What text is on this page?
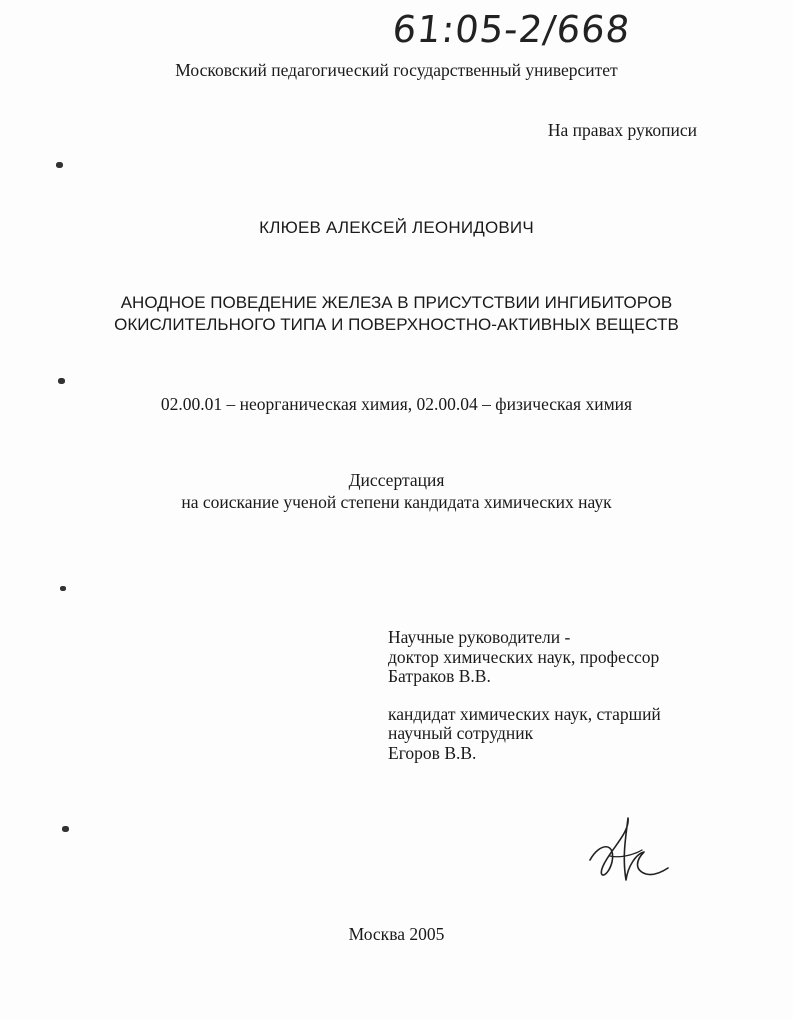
61:05-2/668
Московский педагогический государственный университет
На правах рукописи
КЛЮЕВ АЛЕКСЕЙ ЛЕОНИДОВИЧ
АНОДНОЕ ПОВЕДЕНИЕ ЖЕЛЕЗА В ПРИСУТСТВИИ ИНГИБИТОРОВ
ОКИСЛИТЕЛЬНОГО ТИПА И ПОВЕРХНОСТНО-АКТИВНЫХ ВЕЩЕСТВ
02.00.01 – неорганическая химия, 02.00.04 – физическая химия
Диссертация
на соискание ученой степени кандидата химических наук
Научные руководители -
доктор химических наук, профессор
Батраков В.В.
кандидат химических наук, старший
научный сотрудник
Егоров В.В.
Москва 2005
